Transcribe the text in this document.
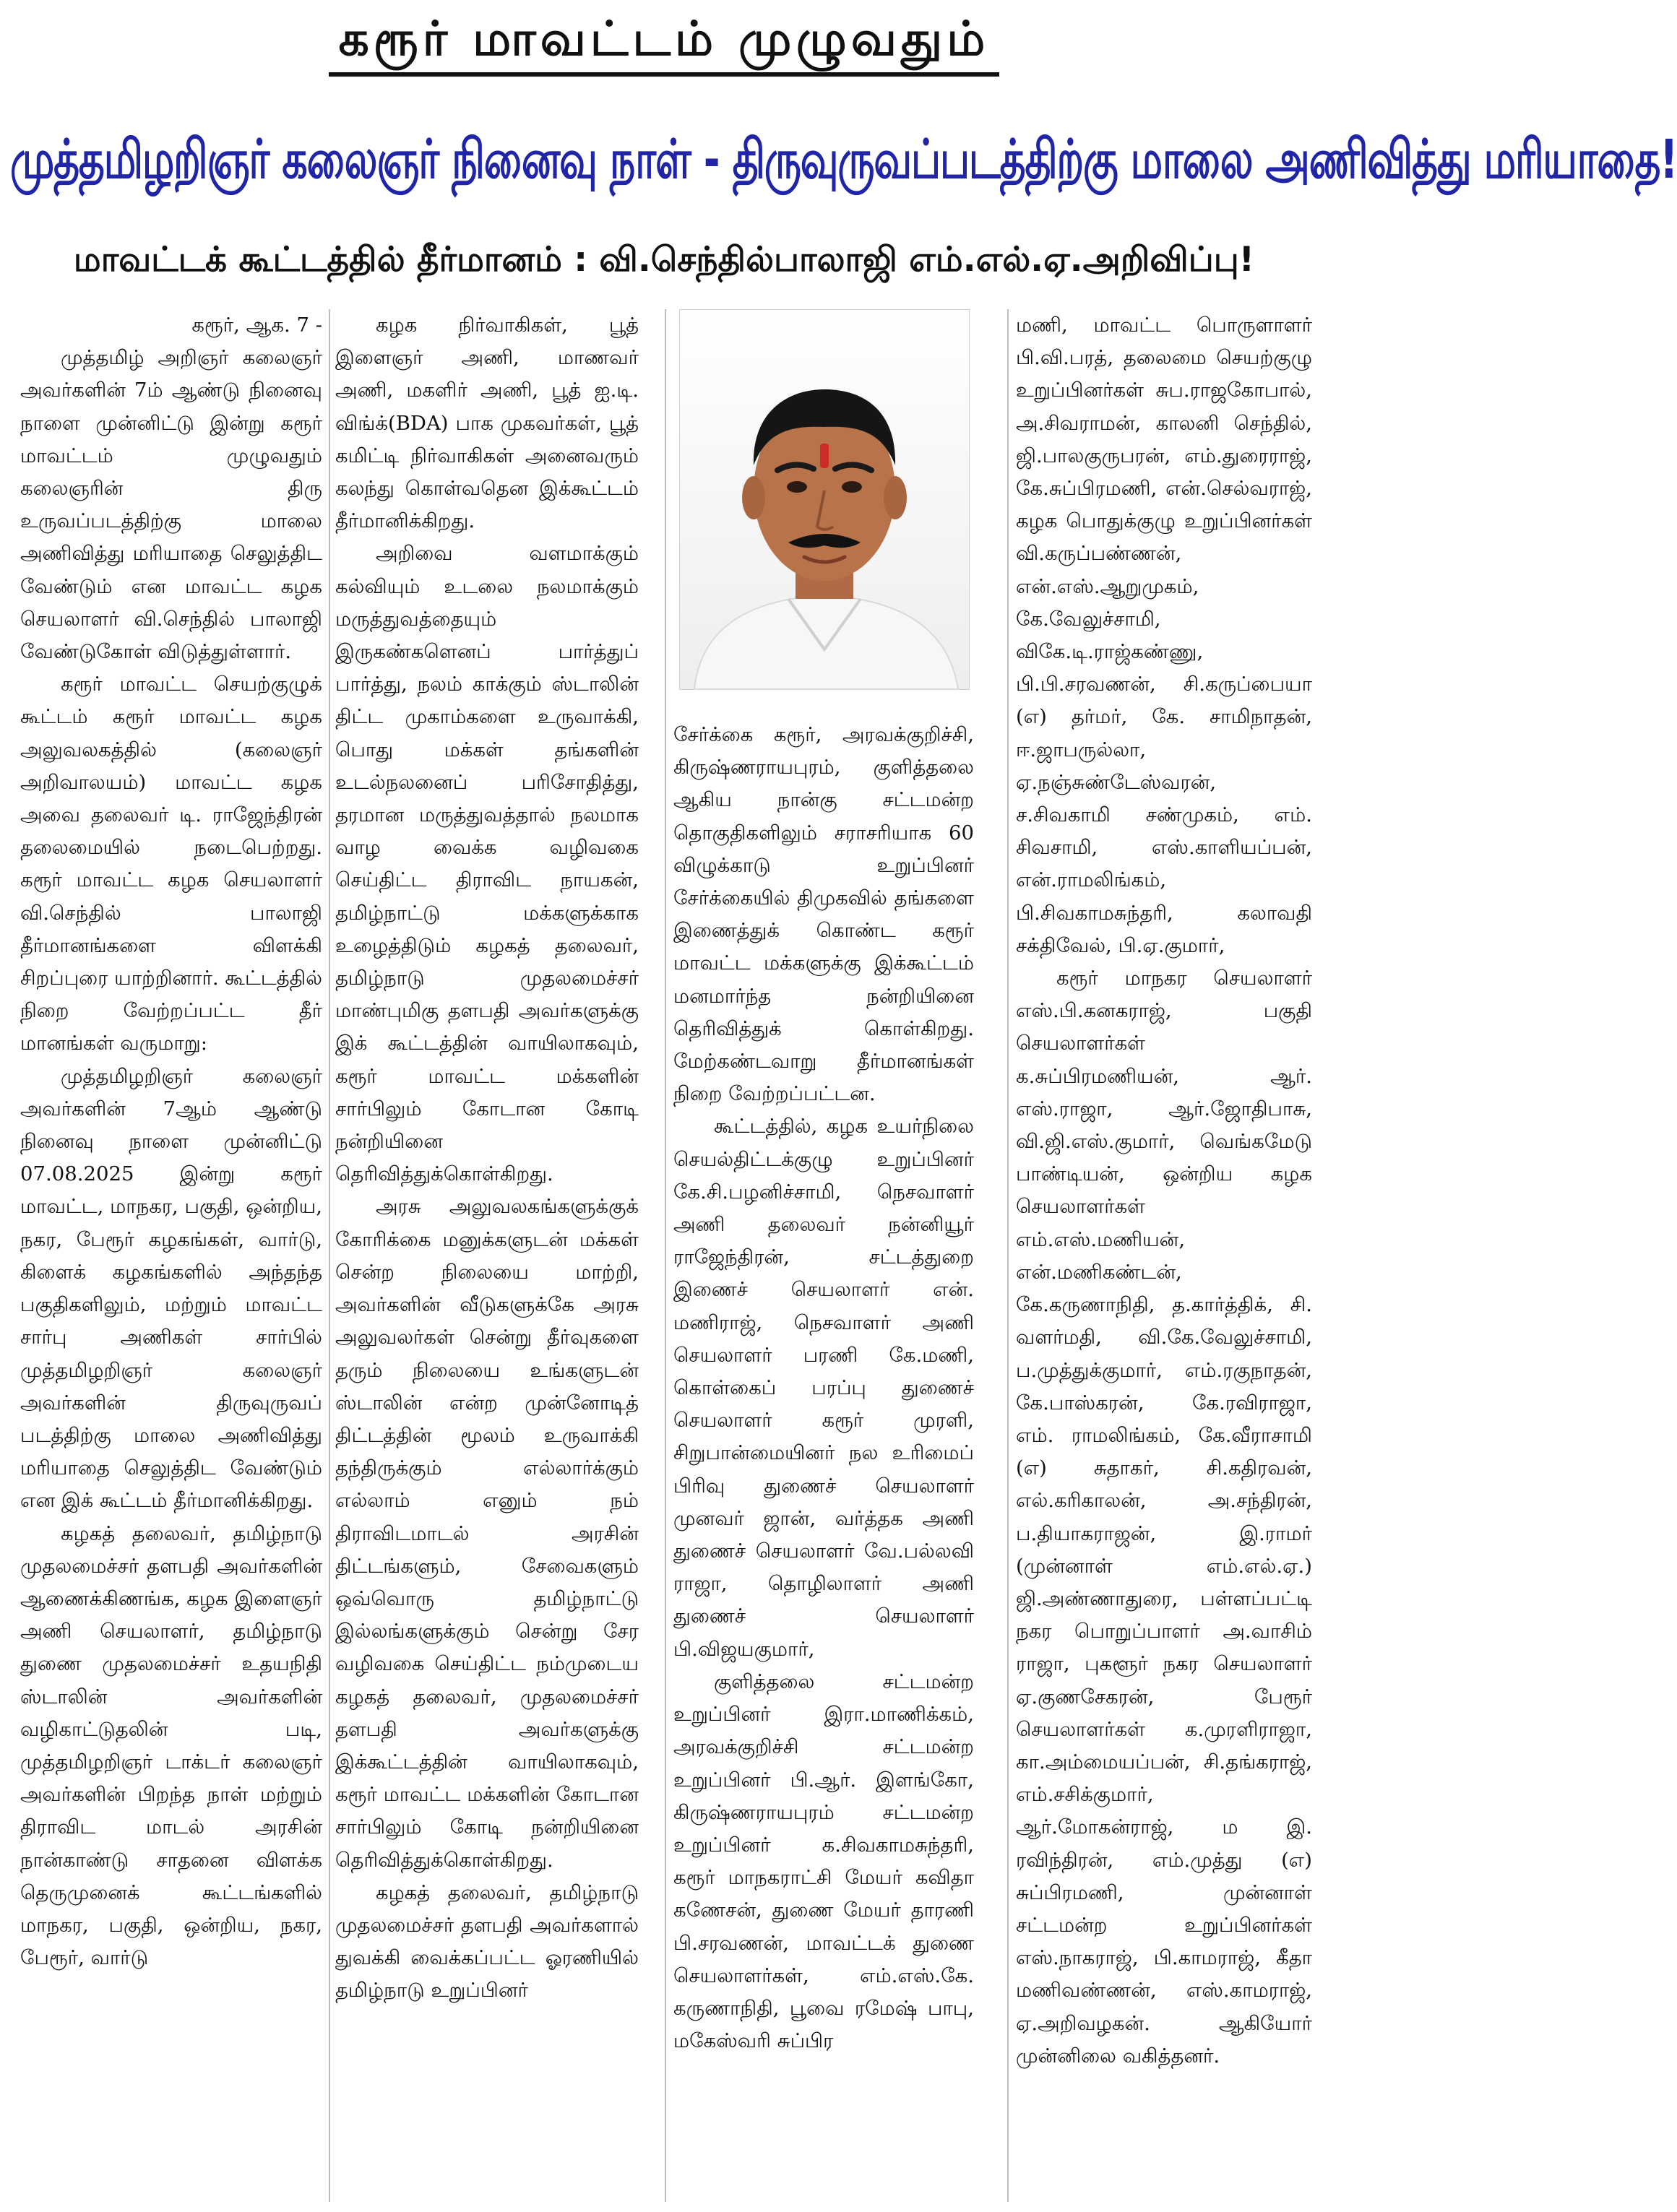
கரூர் மாவட்டம் முழுவதும்
முத்தமிழறிஞர் கலைஞர் நினைவு நாள் - திருவுருவப்படத்திற்கு மாலை அணிவித்து மரியாதை!
மாவட்டக் கூட்டத்தில் தீர்மானம் : வி.செந்தில்பாலாஜி எம்.எல்.ஏ.அறிவிப்பு!

கரூர், ஆக. 7 -

முத்தமிழ் அறிஞர் கலைஞர் அவர்களின் 7ம் ஆண்டு நினைவு நாளை முன்னிட்டு இன்று கரூர் மாவட்டம் முழுவதும் கலைஞரின் திரு உருவப்படத்திற்கு மாலை அணிவித்து மரியாதை செலுத்திட வேண்டும் என மாவட்ட கழக செயலாளர் வி.செந்தில் பாலாஜி வேண்டுகோள் விடுத்துள்ளார்.

கரூர் மாவட்ட செயற்குழுக் கூட்டம் கரூர் மாவட்ட கழக அலுவலகத்தில் (கலைஞர் அறிவாலயம்) மாவட்ட கழக அவை தலைவர் டி. ராஜேந்திரன் தலைமையில் நடைபெற்றது. கரூர் மாவட்ட கழக செயலாளர் வி.செந்தில் பாலாஜி தீர்மானங்களை விளக்கி சிறப்புரை யாற்றினார். கூட்டத்தில் நிறை வேற்றப்பட்ட தீர் மானங்கள் வருமாறு:

முத்தமிழறிஞர் கலைஞர் அவர்களின் 7ஆம் ஆண்டு நினைவு நாளை முன்னிட்டு 07.08.2025 இன்று கரூர் மாவட்ட, மாநகர, பகுதி, ஒன்றிய, நகர, பேரூர் கழகங்கள், வார்டு, கிளைக் கழகங்களில் அந்தந்த பகுதிகளிலும், மற்றும் மாவட்ட சார்பு அணிகள் சார்பில் முத்தமிழறிஞர் கலைஞர் அவர்களின் திருவுருவப் படத்திற்கு மாலை அணிவித்து மரியாதை செலுத்திட வேண்டும் என இக் கூட்டம் தீர்மானிக்கிறது.

கழகத் தலைவர், தமிழ்நாடு முதலமைச்சர் தளபதி அவர்களின் ஆணைக்கிணங்க, கழக இளைஞர் அணி செயலாளர், தமிழ்நாடு துணை முதலமைச்சர் உதயநிதி ஸ்டாலின் அவர்களின் வழிகாட்டுதலின் படி, முத்தமிழறிஞர் டாக்டர் கலைஞர் அவர்களின் பிறந்த நாள் மற்றும் திராவிட மாடல் அரசின் நான்காண்டு சாதனை விளக்க தெருமுனைக் கூட்டங்களில் மாநகர, பகுதி, ஒன்றிய, நகர, பேரூர், வார்டு

கழக நிர்வாகிகள், பூத் இளைஞர் அணி, மாணவர் அணி, மகளிர் அணி, பூத் ஐ.டி. விங்க்(BDA) பாக முகவர்கள், பூத் கமிட்டி நிர்வாகிகள் அனைவரும் கலந்து கொள்வதென இக்கூட்டம் தீர்மானிக்கிறது.

அறிவை வளமாக்கும் கல்வியும் உடலை நலமாக்கும் மருத்துவத்தையும் இருகண்களெனப் பார்த்துப் பார்த்து, நலம் காக்கும் ஸ்டாலின் திட்ட முகாம்களை உருவாக்கி, பொது மக்கள் தங்களின் உடல்நலனைப் பரிசோதித்து, தரமான மருத்துவத்தால் நலமாக வாழ வைக்க வழிவகை செய்திட்ட திராவிட நாயகன், தமிழ்நாட்டு மக்களுக்காக உழைத்திடும் கழகத் தலைவர், தமிழ்நாடு முதலமைச்சர் மாண்புமிகு தளபதி அவர்களுக்கு இக் கூட்டத்தின் வாயிலாகவும், கரூர் மாவட்ட மக்களின் சார்பிலும் கோடான கோடி நன்றியினை தெரிவித்துக்கொள்கிறது.

அரசு அலுவலகங்களுக்குக் கோரிக்கை மனுக்களுடன் மக்கள் சென்ற நிலையை மாற்றி, அவர்களின் வீடுகளுக்கே அரசு அலுவலர்கள் சென்று தீர்வுகளை தரும் நிலையை உங்களுடன் ஸ்டாலின் என்ற முன்னோடித் திட்டத்தின் மூலம் உருவாக்கி தந்திருக்கும் எல்லார்க்கும் எல்லாம் எனும் நம் திராவிடமாடல் அரசின் திட்டங்களும், சேவைகளும் ஒவ்வொரு தமிழ்நாட்டு இல்லங்களுக்கும் சென்று சேர வழிவகை செய்திட்ட நம்முடைய கழகத் தலைவர், முதலமைச்சர் தளபதி அவர்களுக்கு இக்கூட்டத்தின் வாயிலாகவும், கரூர் மாவட்ட மக்களின் கோடான சார்பிலும் கோடி நன்றியினை தெரிவித்துக்கொள்கிறது.

கழகத் தலைவர், தமிழ்நாடு முதலமைச்சர் தளபதி அவர்களால் துவக்கி வைக்கப்பட்ட ஓரணியில் தமிழ்நாடு உறுப்பினர்

சேர்க்கை கரூர், அரவக்குறிச்சி, கிருஷ்ணராயபுரம், குளித்தலை ஆகிய நான்கு சட்டமன்ற தொகுதிகளிலும் சராசரியாக 60 விழுக்காடு உறுப்பினர் சேர்க்கையில் திமுகவில் தங்களை இணைத்துக் கொண்ட கரூர் மாவட்ட மக்களுக்கு இக்கூட்டம் மனமார்ந்த நன்றியினை தெரிவித்துக் கொள்கிறது. மேற்கண்டவாறு தீர்மானங்கள் நிறை வேற்றப்பட்டன.

கூட்டத்தில், கழக உயர்நிலை செயல்திட்டக்குழு உறுப்பினர் கே.சி.பழனிச்சாமி, நெசவாளர் அணி தலைவர் நன்னியூர் ராஜேந்திரன், சட்டத்துறை இணைச் செயலாளர் என். மணிராஜ், நெசவாளர் அணி செயலாளர் பரணி கே.மணி, கொள்கைப் பரப்பு துணைச் செயலாளர் கரூர் முரளி, சிறுபான்மையினர் நல உரிமைப் பிரிவு துணைச் செயலாளர் முனவர் ஜான், வர்த்தக அணி துணைச் செயலாளர் வே.பல்லவி ராஜா, தொழிலாளர் அணி துணைச் செயலாளர் பி.விஜயகுமார்,

குளித்தலை சட்டமன்ற உறுப்பினர் இரா.மாணிக்கம், அரவக்குறிச்சி சட்டமன்ற உறுப்பினர் பி.ஆர். இளங்கோ, கிருஷ்ணராயபுரம் சட்டமன்ற உறுப்பினர் க.சிவகாமசுந்தரி, கரூர் மாநகராட்சி மேயர் கவிதா கணேசன், துணை மேயர் தாரணி பி.சரவணன், மாவட்டக் துணை செயலாளர்கள், எம்.எஸ்.கே. கருணாநிதி, பூவை ரமேஷ் பாபு, மகேஸ்வரி சுப்பிர

மணி, மாவட்ட பொருளாளர் பி.வி.பரத், தலைமை செயற்குழு உறுப்பினர்கள் சுப.ராஜகோபால், அ.சிவராமன், காலனி செந்தில், ஜி.பாலகுருபரன், எம்.துரைராஜ், கே.சுப்பிரமணி, என்.செல்வராஜ், கழக பொதுக்குழு உறுப்பினர்கள் வி.கருப்பண்ணன், என்.எஸ்.ஆறுமுகம், கே.வேலுச்சாமி, விகே.டி.ராஜ்கண்ணு, பி.பி.சரவணன், சி.கருப்பையா (எ) தர்மர், கே. சாமிநாதன், ஈ.ஜாபருல்லா, ஏ.நஞ்சுண்டேஸ்வரன், ச.சிவகாமி சண்முகம், எம். சிவசாமி, எஸ்.காளியப்பன், என்.ராமலிங்கம், பி.சிவகாமசுந்தரி, கலாவதி சக்திவேல், பி.ஏ.குமார்,

கரூர் மாநகர செயலாளர் எஸ்.பி.கனகராஜ், பகுதி செயலாளர்கள் க.சுப்பிரமணியன், ஆர். எஸ்.ராஜா, ஆர்.ஜோதிபாசு, வி.ஜி.எஸ்.குமார், வெங்கமேடு பாண்டியன், ஒன்றிய கழக செயலாளர்கள் எம்.எஸ்.மணியன், என்.மணிகண்டன், கே.கருணாநிதி, த.கார்த்திக், சி. வளர்மதி, வி.கே.வேலுச்சாமி, ப.முத்துக்குமார், எம்.ரகுநாதன், கே.பாஸ்கரன், கே.ரவிராஜா, எம். ராமலிங்கம், கே.வீராசாமி (எ) சுதாகர், சி.கதிரவன், எல்.கரிகாலன், அ.சந்திரன், ப.தியாகராஜன், இ.ராமர் (முன்னாள் எம்.எல்.ஏ.) ஜி.அண்ணாதுரை, பள்ளப்பட்டி நகர பொறுப்பாளர் அ.வாசிம் ராஜா, புகளூர் நகர செயலாளர் ஏ.குணசேகரன், பேரூர் செயலாளர்கள் க.முரளிராஜா, கா.அம்மையப்பன், சி.தங்கராஜ், எம்.சசிக்குமார், ஆர்.மோகன்ராஜ், ம இ. ரவிந்திரன், எம்.முத்து (எ) சுப்பிரமணி, முன்னாள் சட்டமன்ற உறுப்பினர்கள் எஸ்.நாகராஜ், பி.காமராஜ், கீதா மணிவண்ணன், எஸ்.காமராஜ், ஏ.அறிவழகன். ஆகியோர் முன்னிலை வகித்தனர்.
